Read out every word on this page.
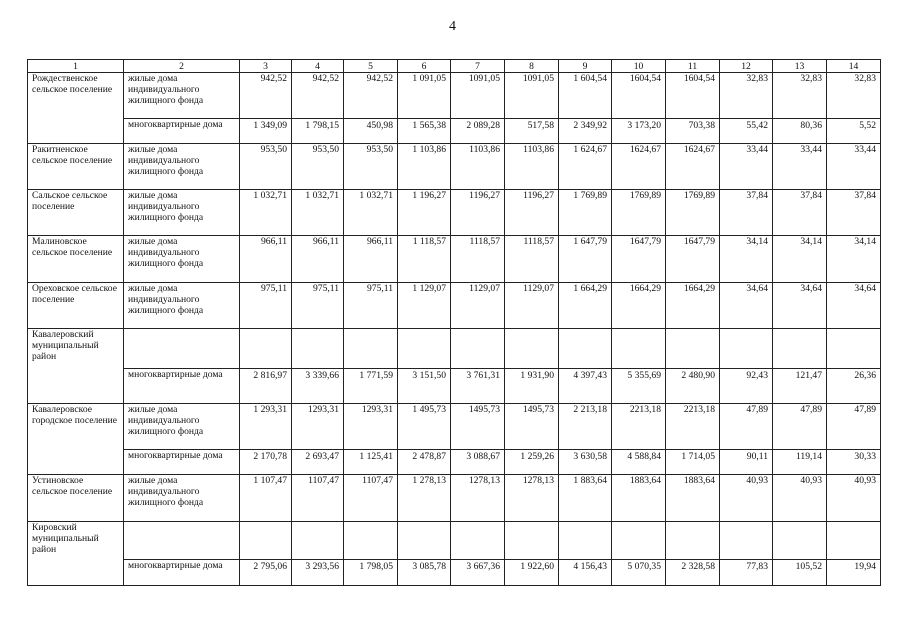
4
1	2	3	4	5	6	7	8	9	10	11	12	13	14
Рождественское сельское поселение	жилые дома индивидуального жилищного фонда	942,52	942,52	942,52	1 091,05	1091,05	1091,05	1 604,54	1604,54	1604,54	32,83	32,83	32,83
	многоквартирные дома	1 349,09	1 798,15	450,98	1 565,38	2 089,28	517,58	2 349,92	3 173,20	703,38	55,42	80,36	5,52
Ракитненское сельское поселение	жилые дома индивидуального жилищного фонда	953,50	953,50	953,50	1 103,86	1103,86	1103,86	1 624,67	1624,67	1624,67	33,44	33,44	33,44
Сальское сельское поселение	жилые дома индивидуального жилищного фонда	1 032,71	1 032,71	1 032,71	1 196,27	1196,27	1196,27	1 769,89	1769,89	1769,89	37,84	37,84	37,84
Малиновское сельское поселение	жилые дома индивидуального жилищного фонда	966,11	966,11	966,11	1 118,57	1118,57	1118,57	1 647,79	1647,79	1647,79	34,14	34,14	34,14
Ореховское сельское поселение	жилые дома индивидуального жилищного фонда	975,11	975,11	975,11	1 129,07	1129,07	1129,07	1 664,29	1664,29	1664,29	34,64	34,64	34,64
Кавалеровский муниципальный район													
	многоквартирные дома	2 816,97	3 339,66	1 771,59	3 151,50	3 761,31	1 931,90	4 397,43	5 355,69	2 480,90	92,43	121,47	26,36
Кавалеровское городское поселение	жилые дома индивидуального жилищного фонда	1 293,31	1293,31	1293,31	1 495,73	1495,73	1495,73	2 213,18	2213,18	2213,18	47,89	47,89	47,89
	многоквартирные дома	2 170,78	2 693,47	1 125,41	2 478,87	3 088,67	1 259,26	3 630,58	4 588,84	1 714,05	90,11	119,14	30,33
Устиновское сельское поселение	жилые дома индивидуального жилищного фонда	1 107,47	1107,47	1107,47	1 278,13	1278,13	1278,13	1 883,64	1883,64	1883,64	40,93	40,93	40,93
Кировский муниципальный район													
	многоквартирные дома	2 795,06	3 293,56	1 798,05	3 085,78	3 667,36	1 922,60	4 156,43	5 070,35	2 328,58	77,83	105,52	19,94
